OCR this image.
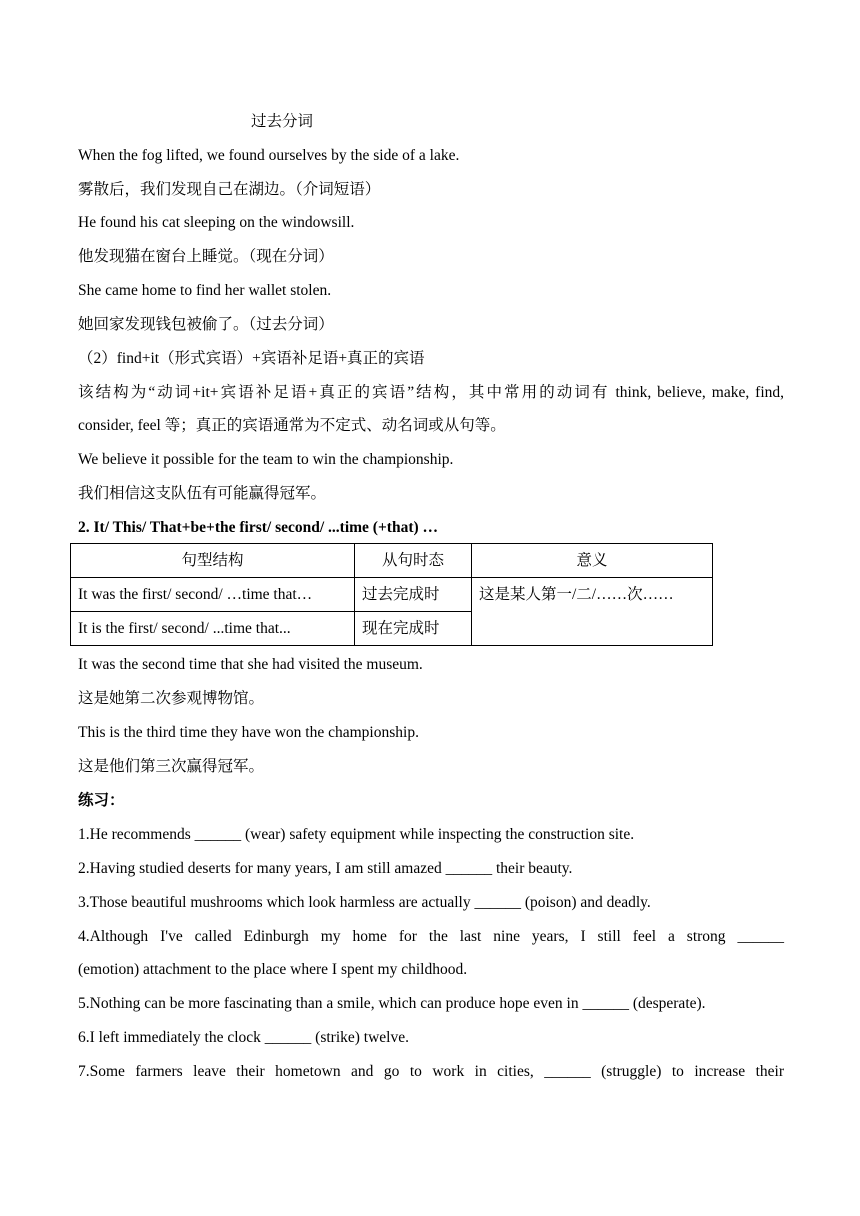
过去分词
When the fog lifted, we found ourselves by the side of a lake.
雾散后，我们发现自己在湖边。（介词短语）
He found his cat sleeping on the windowsill.
他发现猫在窗台上睡觉。（现在分词）
She came home to find her wallet stolen.
她回家发现钱包被偷了。（过去分词）
（2）find+it（形式宾语）+宾语补足语+真正的宾语
该结构为“动词+it+宾语补足语+真正的宾语”结构，其中常用的动词有 think, believe, make, find,
consider, feel 等；真正的宾语通常为不定式、动名词或从句等。
We believe it possible for the team to win the championship.
我们相信这支队伍有可能赢得冠军。
2. It/ This/ That+be+the first/ second/ ...time (+that) …
句型结构	从句时态	意义
It was the first/ second/ …time that…	过去完成时	这是某人第一/二/……次……
It is the first/ second/ ...time that...	现在完成时	
It was the second time that she had visited the museum.
这是她第二次参观博物馆。
This is the third time they have won the championship.
这是他们第三次赢得冠军。
练习：
1.He recommends ______ (wear) safety equipment while inspecting the construction site.
2.Having studied deserts for many years, I am still amazed ______ their beauty.
3.Those beautiful mushrooms which look harmless are actually ______ (poison) and deadly.
4.Although I've called Edinburgh my home for the last nine years, I still feel a strong ______
(emotion) attachment to the place where I spent my childhood.
5.Nothing can be more fascinating than a smile, which can produce hope even in ______ (desperate).
6.I left immediately the clock ______ (strike) twelve.
7.Some farmers leave their hometown and go to work in cities, ______ (struggle) to increase their
